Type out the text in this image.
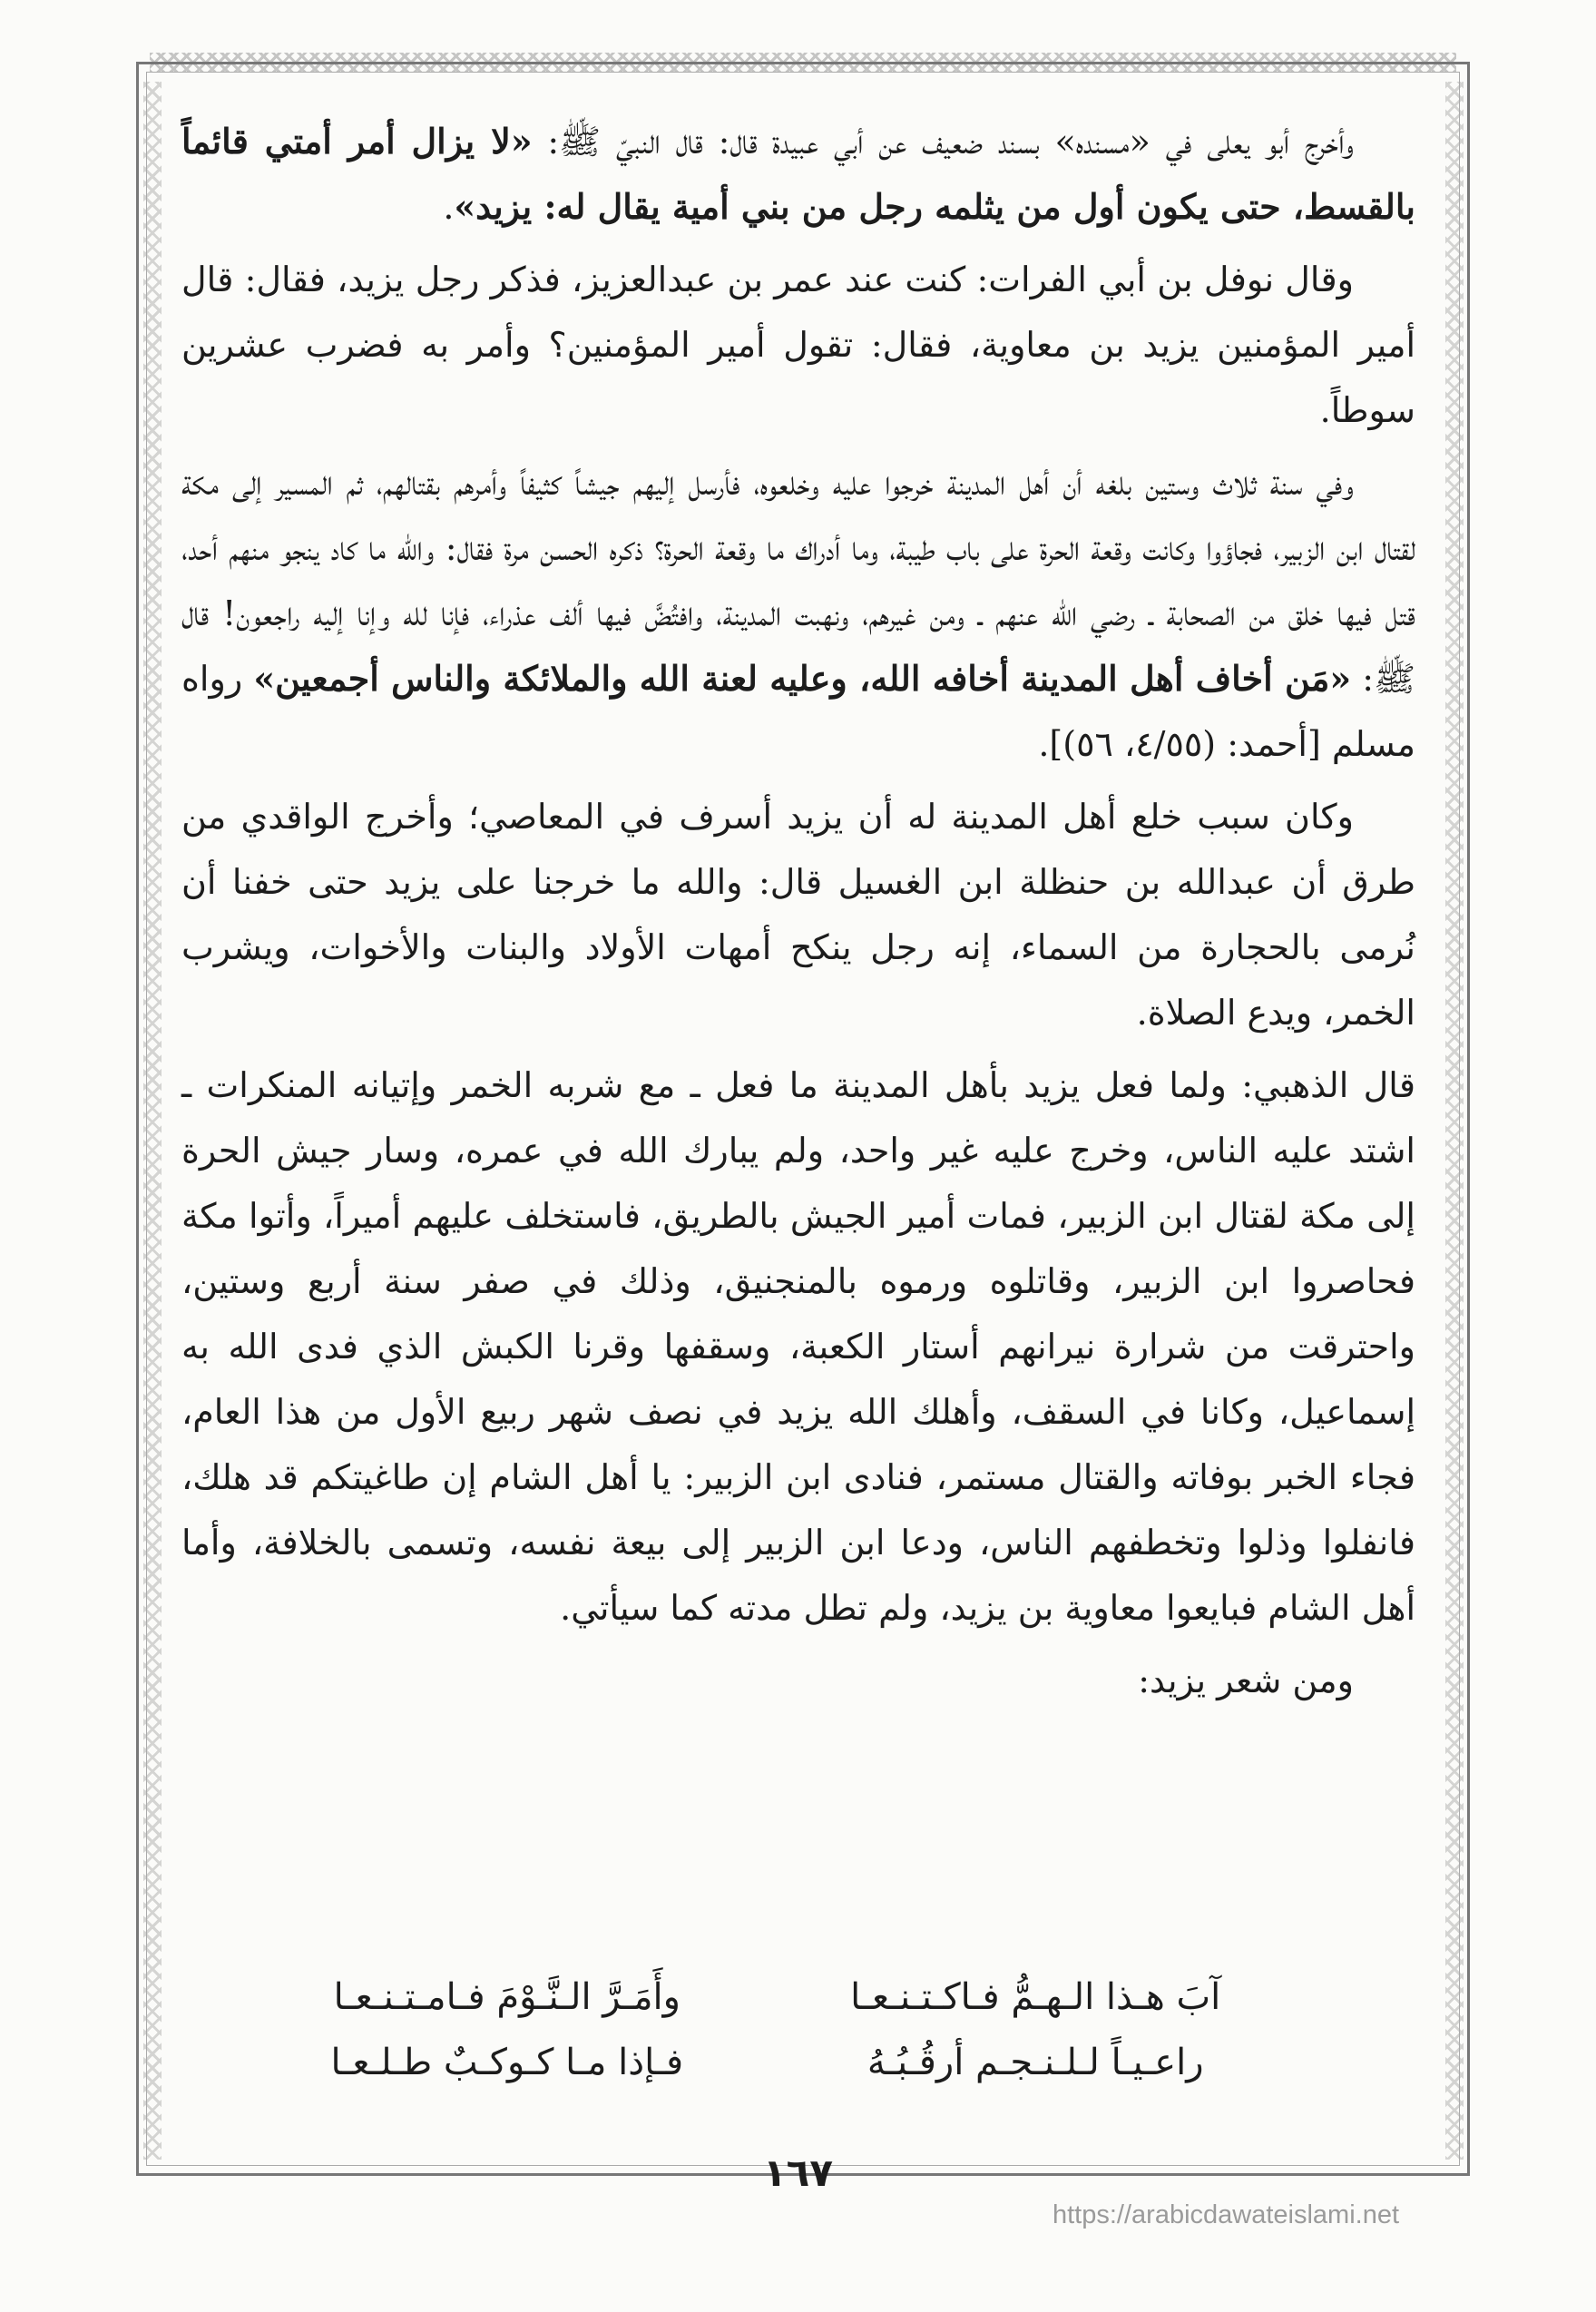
وأخرج أبو يعلى في «مسنده» بسند ضعيف عن أبي عبيدة قال: قال النبيّ ﷺ: «لا يزال أمر أمتي قائماً بالقسط، حتى يكون أول من يثلمه رجل من بني أمية يقال له: يزيد».

وقال نوفل بن أبي الفرات: كنت عند عمر بن عبدالعزيز، فذكر رجل يزيد، فقال: قال أمير المؤمنين يزيد بن معاوية، فقال: تقول أمير المؤمنين؟ وأمر به فضرب عشرين سوطاً.

وفي سنة ثلاث وستين بلغه أن أهل المدينة خرجوا عليه وخلعوه، فأرسل إليهم جيشاً كثيفاً وأمرهم بقتالهم، ثم المسير إلى مكة لقتال ابن الزبير، فجاؤوا وكانت وقعة الحرة على باب طيبة، وما أدراك ما وقعة الحرة؟ ذكره الحسن مرة فقال: والله ما كاد ينجو منهم أحد، قتل فيها خلق من الصحابة ـ رضي الله عنهم ـ ومن غيرهم، ونهبت المدينة، وافتُضَّ فيها ألف عذراء، فإنا لله وإنا إليه راجعون! قال ﷺ: «مَن أخاف أهل المدينة أخافه الله، وعليه لعنة الله والملائكة والناس أجمعين» رواه مسلم [أحمد: (٤/٥٥، ٥٦)].

وكان سبب خلع أهل المدينة له أن يزيد أسرف في المعاصي؛ وأخرج الواقدي من طرق أن عبدالله بن حنظلة ابن الغسيل قال: والله ما خرجنا على يزيد حتى خفنا أن نُرمى بالحجارة من السماء، إنه رجل ينكح أمهات الأولاد والبنات والأخوات، ويشرب الخمر، ويدع الصلاة.

قال الذهبي: ولما فعل يزيد بأهل المدينة ما فعل ـ مع شربه الخمر وإتيانه المنكرات ـ اشتد عليه الناس، وخرج عليه غير واحد، ولم يبارك الله في عمره، وسار جيش الحرة إلى مكة لقتال ابن الزبير، فمات أمير الجيش بالطريق، فاستخلف عليهم أميراً، وأتوا مكة فحاصروا ابن الزبير، وقاتلوه ورموه بالمنجنيق، وذلك في صفر سنة أربع وستين، واحترقت من شرارة نيرانهم أستار الكعبة، وسقفها وقرنا الكبش الذي فدى الله به إسماعيل، وكانا في السقف، وأهلك الله يزيد في نصف شهر ربيع الأول من هذا العام، فجاء الخبر بوفاته والقتال مستمر، فنادى ابن الزبير: يا أهل الشام إن طاغيتكم قد هلك، فانفلوا وذلوا وتخطفهم الناس، ودعا ابن الزبير إلى بيعة نفسه، وتسمى بالخلافة، وأما أهل الشام فبايعوا معاوية بن يزيد، ولم تطل مدته كما سيأتي.

ومن شعر يزيد:

آبَ هـذا الـهـمُّ فـاكـتـنـعـا
وأَمَـرَّ الـنَّـوْمَ فـامـتـنـعـا
راعـيـاً لـلـنـجـم أرقُـبُـهُ
فـإذا مـا كـوكـبٌ طـلـعـا
١٦٧
https://arabicdawateislami.net
